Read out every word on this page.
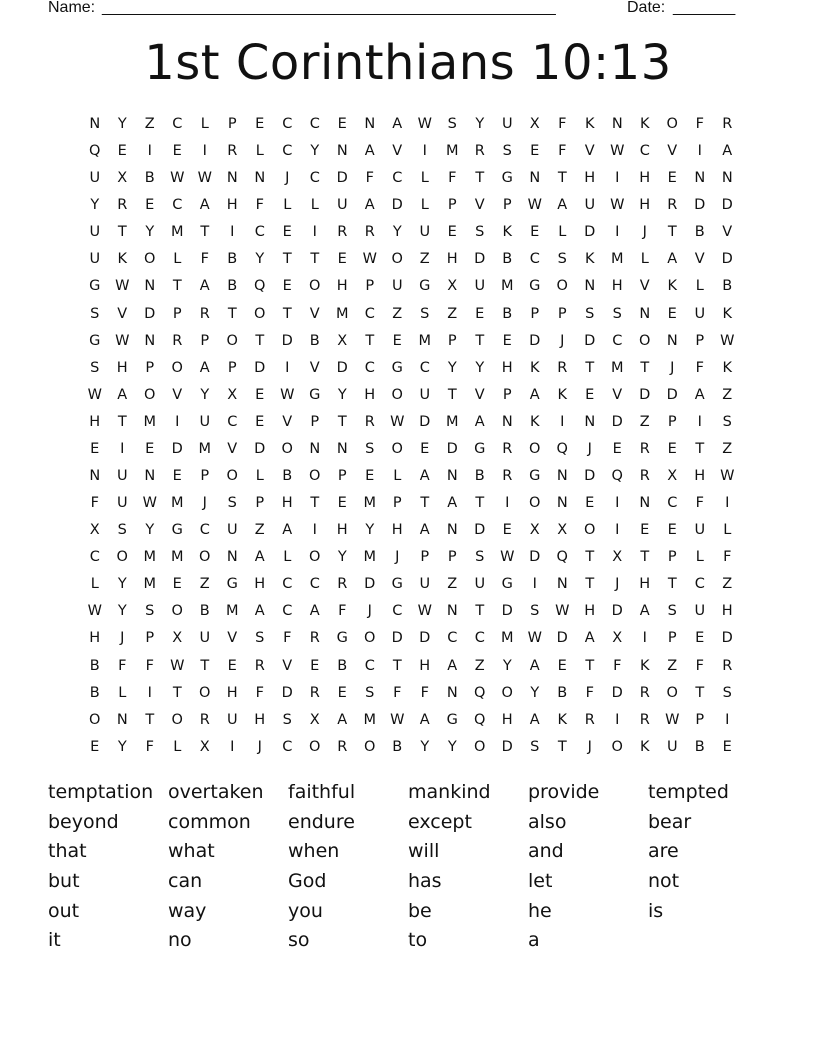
Name: ___________________________________________________	Date: _______
1st Corinthians 10:13
N	Y	Z	C	L	P	E	C	C	E	N	A	W	S	Y	U	X	F	K	N	K	O	F	R
Q	E	I	E	I	R	L	C	Y	N	A	V	I	M	R	S	E	F	V	W	C	V	I	A
U	X	B	W W	N	N	J	C	D	F	C	L	F	T	G	N	T	H	I	H	E	N	N
Y	R	E	C	A	H	F	L	L	U	A	D	L	P	V	P	W	A	U	W	H	R	D	D
U	T	Y	M	T	I	C	E	I	R	R	Y	U	E	S	K	E	L	D	I	J	T	B	V
U	K	O	L	F	B	Y	T	T	E	W	O	Z	H	D	B	C	S	K	M	L	A	V	D
G	W	N	T	A	B	Q	E	O	H	P	U	G	X	U	M	G	O	N	H	V	K	L	B
S	V	D	P	R	T	O	T	V	M	C	Z	S	Z	E	B	P	P	S	S	N	E	U	K
G	W	N	R	P	O	T	D	B	X	T	E	M	P	T	E	D	J	D	C	O	N	P	W
S	H	P	O	A	P	D	I	V	D	C	G	C	Y	Y	H	K	R	T	M	T	J	F	K
W	A	O	V	Y	X	E	W	G	Y	H	O	U	T	V	P	A	K	E	V	D	D	A	Z
H	T	M	I	U	C	E	V	P	T	R	W	D	M	A	N	K	I	N	D	Z	P	I	S
E	I	E	D	M	V	D	O	N	N	S	O	E	D	G	R	O	Q	J	E	R	E	T	Z
N	U	N	E	P	O	L	B	O	P	E	L	A	N	B	R	G	N	D	Q	R	X	H	W
F	U	W M	J	S	P	H	T	E	M	P	T	A	T	I	O	N	E	I	N	C	F	I
X	S	Y	G	C	U	Z	A	I	H	Y	H	A	N	D	E	X	X	O	I	E	E	U	L
C	O	M	M	O	N	A	L	O	Y	M	J	P	P	S	W	D	Q	T	X	T	P	L	F
L	Y	M	E	Z	G	H	C	C	R	D	G	U	Z	U	G	I	N	T	J	H	T	C	Z
W	Y	S	O	B	M	A	C	A	F	J	C	W	N	T	D	S	W	H	D	A	S	U	H
H	J	P	X	U	V	S	F	R	G	O	D	D	C	C	M W	D	A	X	I	P	E	D
B	F	F	W	T	E	R	V	E	B	C	T	H	A	Z	Y	A	E	T	F	K	Z	F	R
B	L	I	T	O	H	F	D	R	E	S	F	F	N	Q	O	Y	B	F	D	R	O	T	S
O	N	T	O	R	U	H	S	X	A	M W	A	G	Q	H	A	K	R	I	R	W	P	I
E	Y	F	L	X	I	J	C	O	R	O	B	Y	Y	O	D	S	T	J	O	K	U	B	E
temptation overtaken	faithful	mankind	provide	tempted
beyond	common	endure	except	also	bear
that	what	when	will	and	are
but	can	God	has	let	not
out	way	you	be	he	is
it	no	so	to	a
